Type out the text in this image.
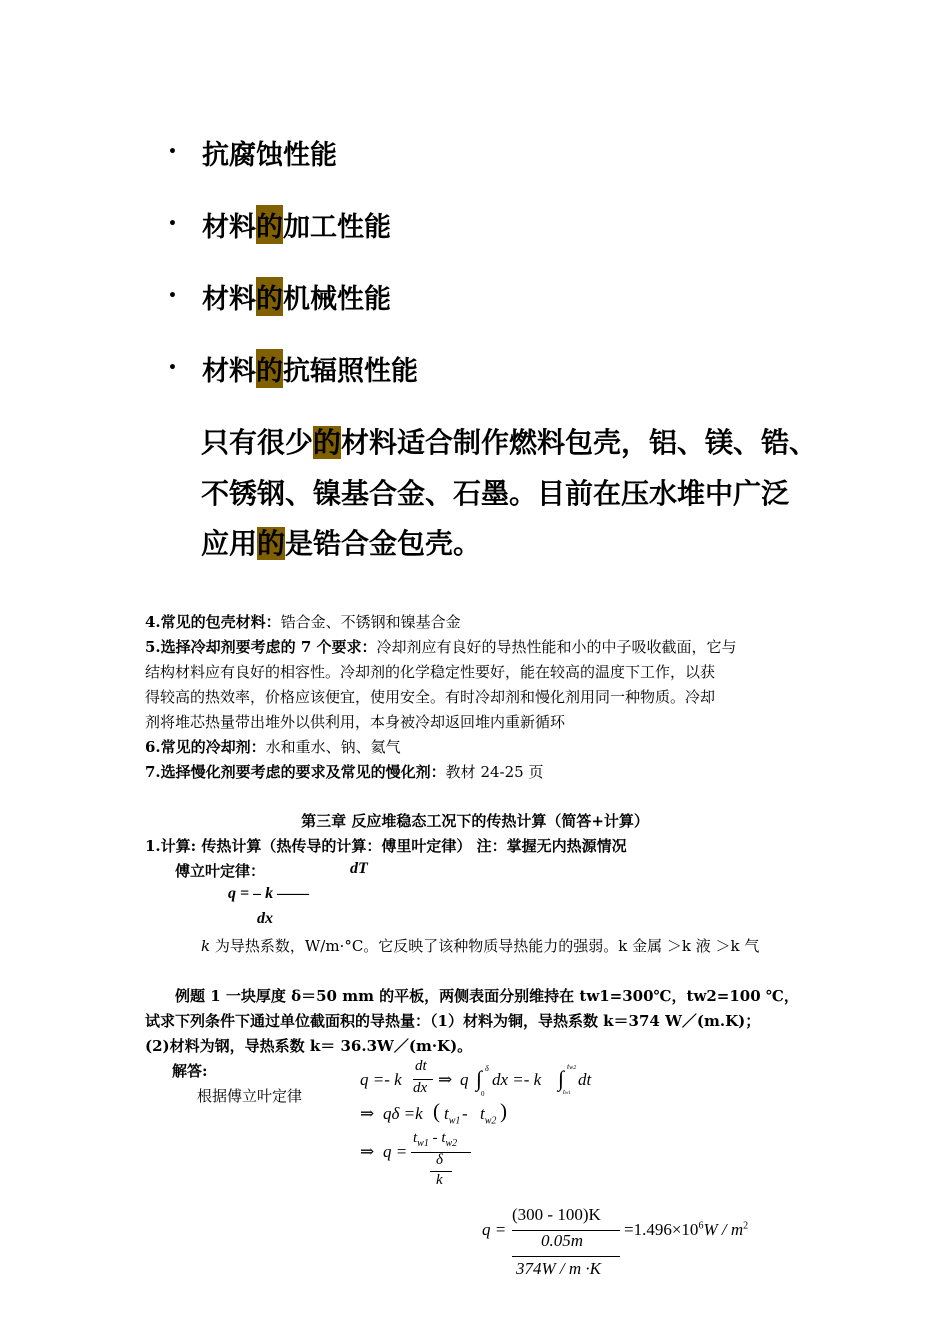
• 抗腐蚀性能
• 材料 的 加工性能
• 材料 的 机械性能
• 材料 的 抗辐照性能
只有很少的材料适合制作燃料包壳，铝、镁、锆、
不锈钢、镍基合金、石墨。目前在压水堆中广泛
应用的是锆合金包壳。
4.常见的包壳材料：锆合金、不锈钢和镍基合金
5.选择冷却剂要考虑的 7 个要求：冷却剂应有良好的导热性能和小的中子吸收截面，它与
结构材料应有良好的相容性。冷却剂的化学稳定性要好，能在较高的温度下工作，以获
得较高的热效率，价格应该便宜，使用安全。有时冷却剂和慢化剂用同一种物质。冷却
剂将堆芯热量带出堆外以供利用，本身被冷却返回堆内重新循环
6.常见的冷却剂：水和重水、钠、氦气
7.选择慢化剂要考虑的要求及常见的慢化剂：教材 24-25 页
第三章 反应堆稳态工况下的传热计算（简答+计算）
1.计算: 传热计算（热传导的计算：傅里叶定律） 注：掌握无内热源情况
傅立叶定律：	dT
q = – k ——
dx
k 为导热系数，W/m·°C。它反映了该种物质导热能力的强弱。k 金属 ＞k 液 ＞k 气
例题 1 一块厚度 δ＝50 mm 的平板，两侧表面分别维持在 tw1=300℃，tw2=100 ℃，
试求下列条件下通过单位截面积的导热量：（1）材料为铜，导热系数 k＝374 W／(m.K)；
(2)材料为钢，导热系数 k＝ 36.3W／(m·K)。
解答:
根据傅立叶定律
q =- k
dt
dx ⇒ q ∫ δ
0
dx =- k ∫ tw2
tw1
dt
⇒ qδ =k ( $t_{w1} - t_{w2}$ )
⇒ q =
$t_{w1} - t_{w2}$
δ
k
q =
(300 - 100)K
0.05m
374W / m ·K
$=1.496\times 10^6W / m^2$
